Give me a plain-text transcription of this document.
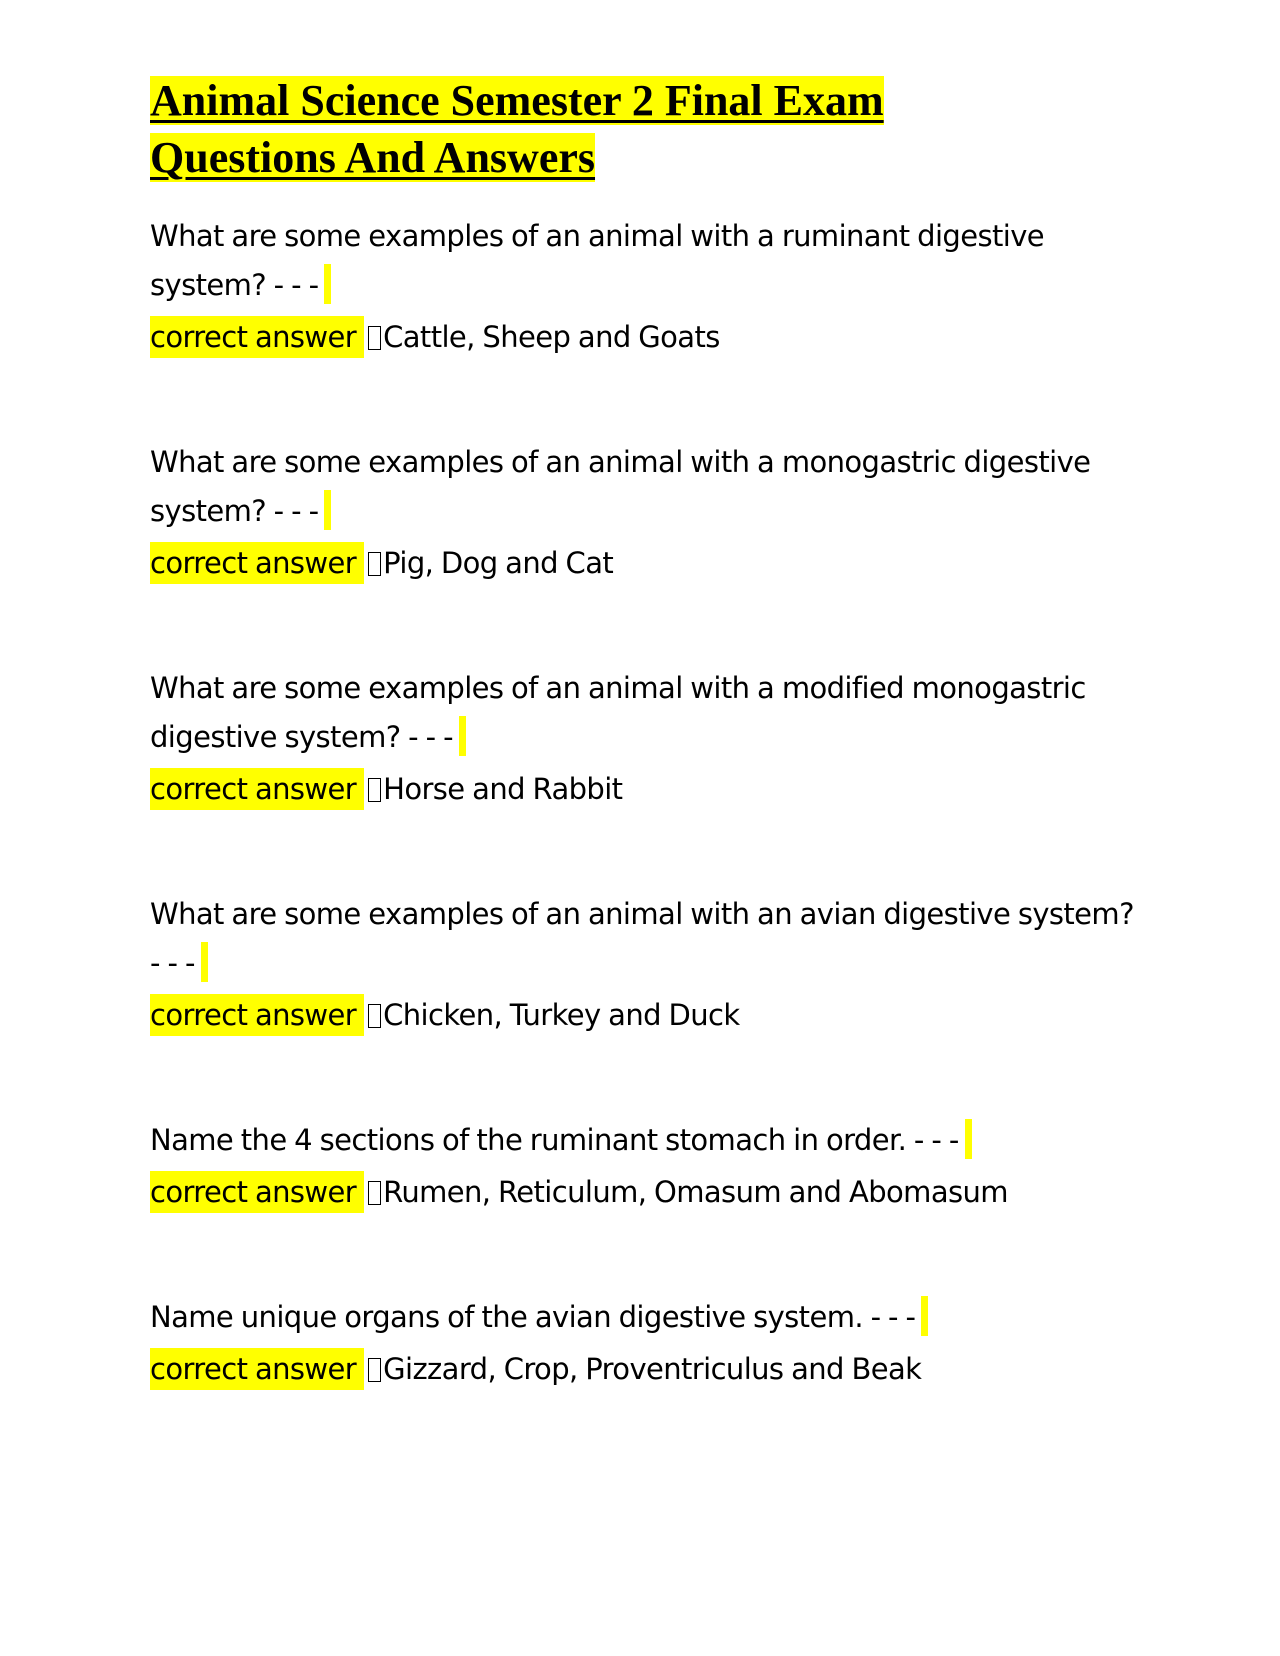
Animal Science Semester 2 Final Exam
Questions And Answers

What are some examples of an animal with a ruminant digestive system? - - -

correct answer Cattle, Sheep and Goats

What are some examples of an animal with a monogastric digestive system? - - -

correct answer Pig, Dog and Cat

What are some examples of an animal with a modified monogastric digestive system? - - -

correct answer Horse and Rabbit

What are some examples of an animal with an avian digestive system? - - -

correct answer Chicken, Turkey and Duck

Name the 4 sections of the ruminant stomach in order. - - -

correct answer Rumen, Reticulum, Omasum and Abomasum

Name unique organs of the avian digestive system. - - -

correct answer Gizzard, Crop, Proventriculus and Beak
